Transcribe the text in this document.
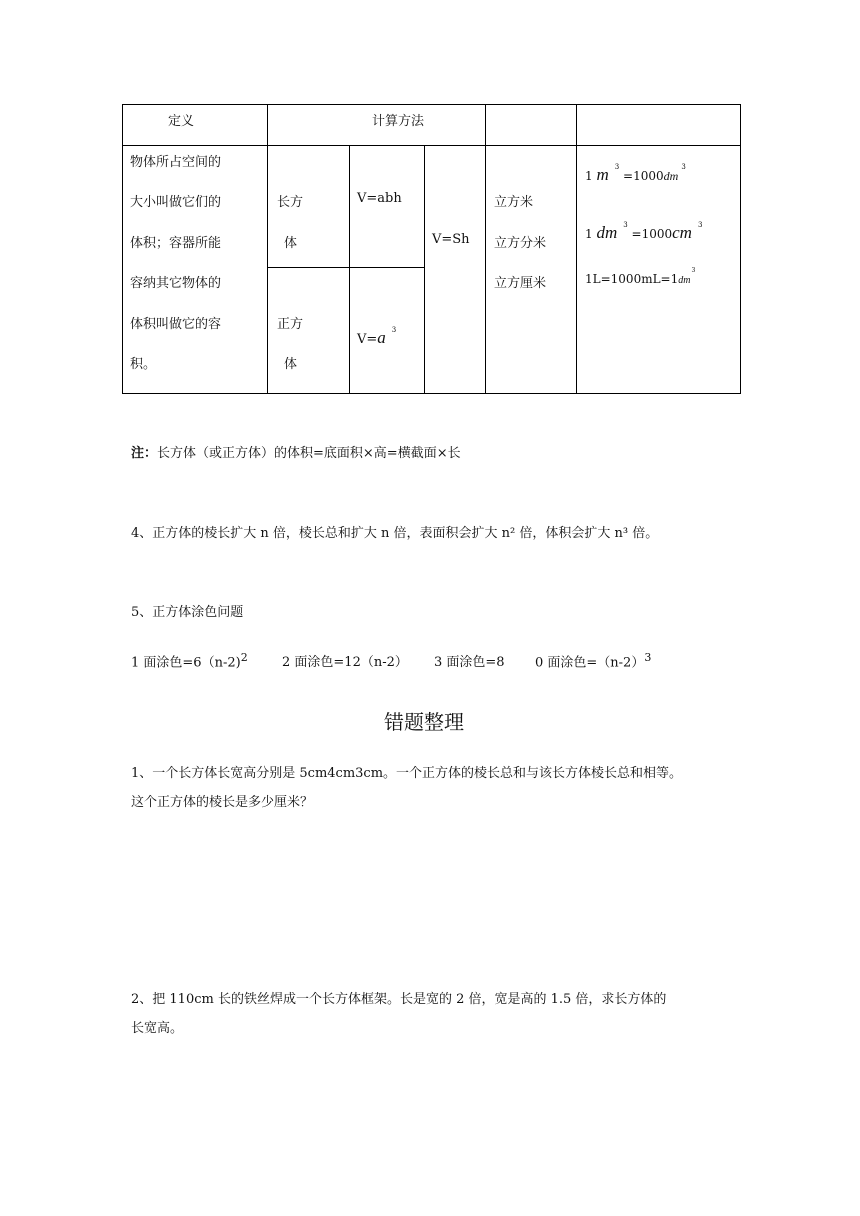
定义	计算方法
物体所占空间的
大小叫做它们的
体积；容器所能
容纳其它物体的
体积叫做它的容
积。
长方
体
正方
体
V=abh
V=a $^3$
V=Sh
立方米
立方分米
立方厘米
1 m $^3 =1000dm^3$
1 dm $^3$ =1000cm $^3$
$1L=1000mL=1dm^3$
注：长方体（或正方体）的体积=底面积×高=横截面×长
4、正方体的棱长扩大 n 倍，棱长总和扩大 n 倍，表面积会扩大 n² 倍，体积会扩大 n³ 倍。
5、正方体涂色问题
1 面涂色=6（n-2)$^2$	2 面涂色=12（n-2） 3 面涂色=8 0 面涂色$=(n-2)^3$
错题整理
1、一个长方体长宽高分别是 5cm4cm3cm。一个正方体的棱长总和与该长方体棱长总和相等。
这个正方体的棱长是多少厘米？
2、把 110cm 长的铁丝焊成一个长方体框架。长是宽的 2 倍，宽是高的 1.5 倍，求长方体的
长宽高。
